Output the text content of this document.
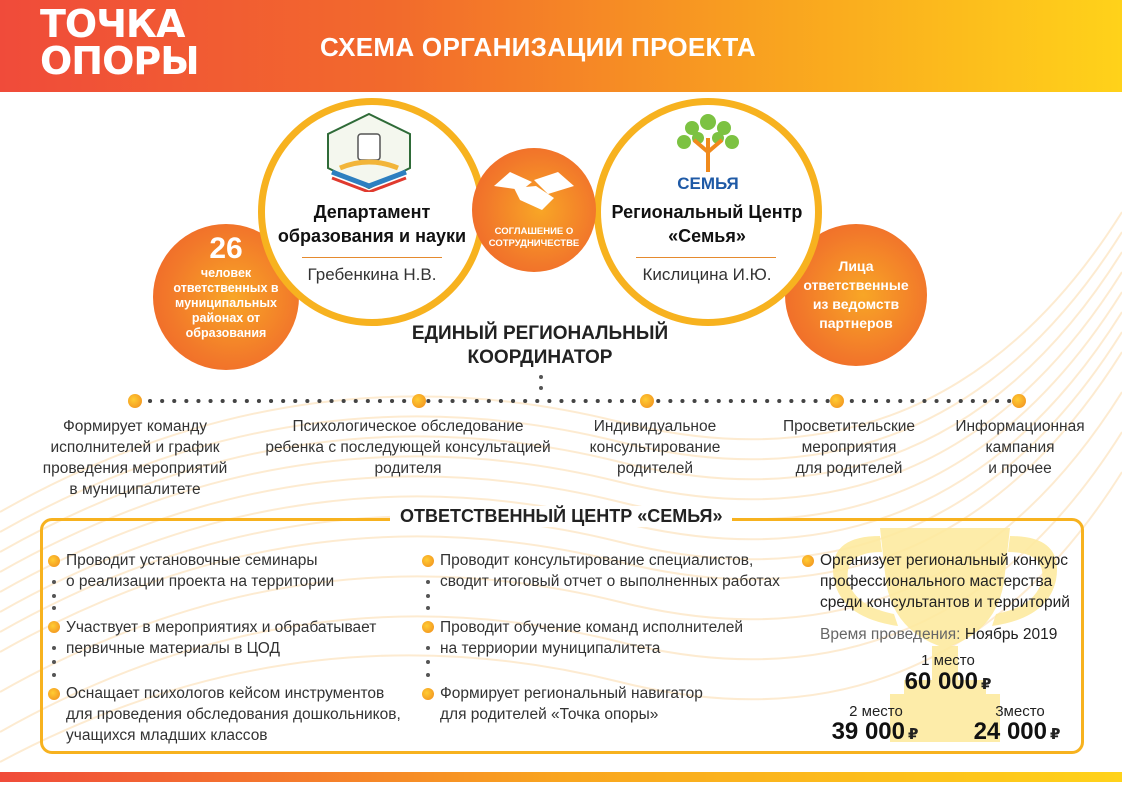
ТОЧКА
ОПОРЫ	СХЕМА ОРГАНИЗАЦИИ ПРОЕКТА
26
человек ответственных в муниципальных районах от образования
Лица ответственные из ведомств партнеров
Департамент
образования и науки
Гребенкина Н.В.
СЕМЬЯ
Региональный Центр
«Семья»
Кислицина И.Ю.
СОГЛАШЕНИЕ О СОТРУДНИЧЕСТВЕ
ЕДИНЫЙ РЕГИОНАЛЬНЫЙ
КООРДИНАТОР
Формирует команду
исполнителей и график
проведения мероприятий
в муниципалитете
Психологическое обследование
ребенка с последующей консультацией
родителя
Индивидуальное
консультирование
родителей
Просветительские
мероприятия
для родителей
Информационная
кампания
и прочее
ОТВЕТСТВЕННЫЙ ЦЕНТР «СЕМЬЯ»
Проводит установочные семинары
о реализации проекта на территории
Участвует в мероприятиях и обрабатывает
первичные материалы в ЦОД
Оснащает психологов кейсом инструментов
для проведения обследования дошкольников,
учащихся младших классов
Проводит консультирование специалистов,
сводит итоговый отчет о выполненных работах
Проводит обучение команд исполнителей
на терриории муниципалитета
Формирует региональный навигатор
для родителей «Точка опоры»
Организует региональный конкурс
профессионального мастерства
среди консультантов и территорий
Время проведения: Ноябрь 2019
1 место
60 000 ₽
2 место
39 000 ₽
3место
24 000 ₽
